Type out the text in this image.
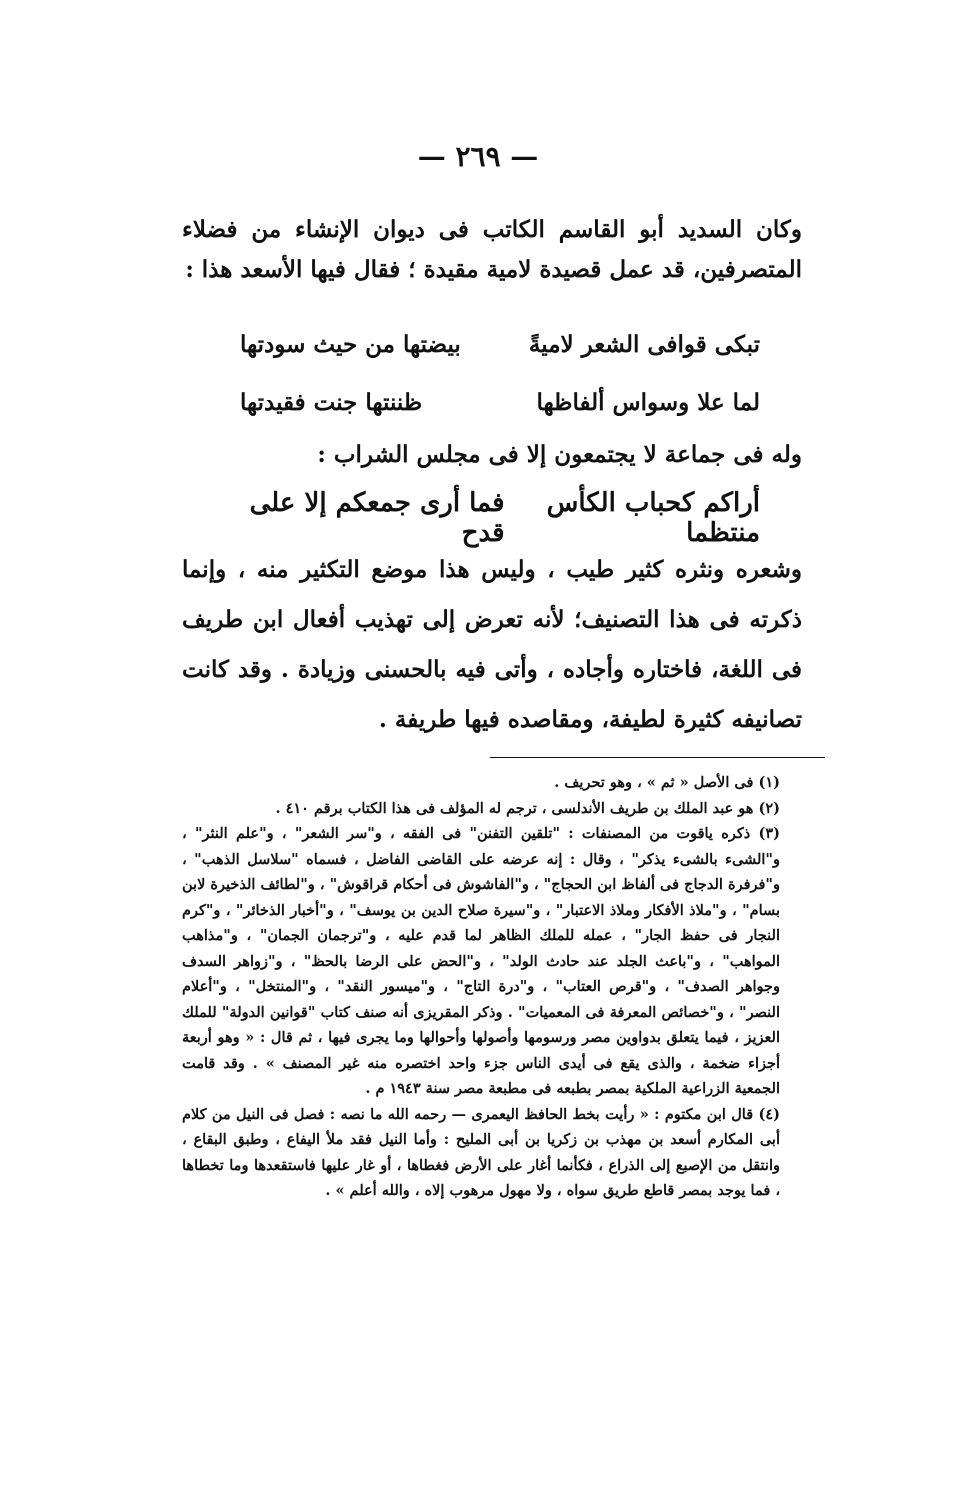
— ٢٦٩ —
وكان السديد أبو القاسم الكاتب فى ديوان الإنشاء من فضلاء المتصرفين، قد عمل قصيدة لامية مقيدة ؛ فقال فيها الأسعد هذا :
تبكى قوافى الشعر لاميةً
بيضتها من حيث سودتها
لما علا وسواس ألفاظها
ظننتها جنت فقيدتها
وله فى جماعة لا يجتمعون إلا فى مجلس الشراب :
أراكم كحباب الكأس منتظما
فما أرى جمعكم إلا على قدح
وشعره ونثره كثير طيب ، وليس هذا موضع التكثير منه ، وإنما ذكرته فى هذا التصنيف؛ لأنه تعرض إلى تهذيب أفعال ابن طريف فى اللغة، فاختاره وأجاده ، وأتى فيه بالحسنى وزيادة . وقد كانت تصانيفه كثيرة لطيفة، ومقاصده فيها طريفة .

(١) فى الأصل « ثم » ، وهو تحريف .

(٢) هو عبد الملك بن طريف الأندلسى ، ترجم له المؤلف فى هذا الكتاب برقم ٤١٠ .

(٣) ذكره ياقوت من المصنفات : "تلقين التفنن" فى الفقه ، و"سر الشعر" ، و"علم النثر" ، و"الشىء بالشىء يذكر" ، وقال : إنه عرضه على القاضى الفاضل ، فسماه "سلاسل الذهب" ، و"فرفرة الدجاج فى ألفاظ ابن الحجاج" ، و"الفاشوش فى أحكام قراقوش" ، و"لطائف الذخيرة لابن بسام" ، و"ملاذ الأفكار وملاذ الاعتبار" ، و"سيرة صلاح الدين بن يوسف" ، و"أخبار الذخائر" ، و"كرم النجار فى حفظ الجار" ، عمله للملك الظاهر لما قدم عليه ، و"ترجمان الجمان" ، و"مذاهب المواهب" ، و"باعث الجلد عند حادث الولد" ، و"الحض على الرضا بالحظ" ، و"زواهر السدف وجواهر الصدف" ، و"قرص العتاب" ، و"درة التاج" ، و"ميسور النقد" ، و"المنتخل" ، و"أعلام النصر" ، و"خصائص المعرفة فى المعميات" . وذكر المقريزى أنه صنف كتاب "قوانين الدولة" للملك العزيز ، فيما يتعلق بدواوين مصر ورسومها وأصولها وأحوالها وما يجرى فيها ، ثم قال : « وهو أربعة أجزاء ضخمة ، والذى يقع فى أيدى الناس جزء واحد اختصره منه غير المصنف » . وقد قامت الجمعية الزراعية الملكية بمصر بطبعه فى مطبعة مصر سنة ١٩٤٣ م .

(٤) قال ابن مكتوم : « رأيت بخط الحافظ اليعمرى — رحمه الله ما نصه : فصل فى النيل من كلام أبى المكارم أسعد بن مهذب بن زكريا بن أبى المليح : وأما النيل فقد ملأ اليفاع ، وطبق البقاع ، وانتقل من الإصبع إلى الذراع ، فكأنما أغار على الأرض فغطاها ، أو غار عليها فاستقعدها وما تخطاها ، فما يوجد بمصر قاطع طريق سواه ، ولا مهول مرهوب إلاه ، والله أعلم » .
